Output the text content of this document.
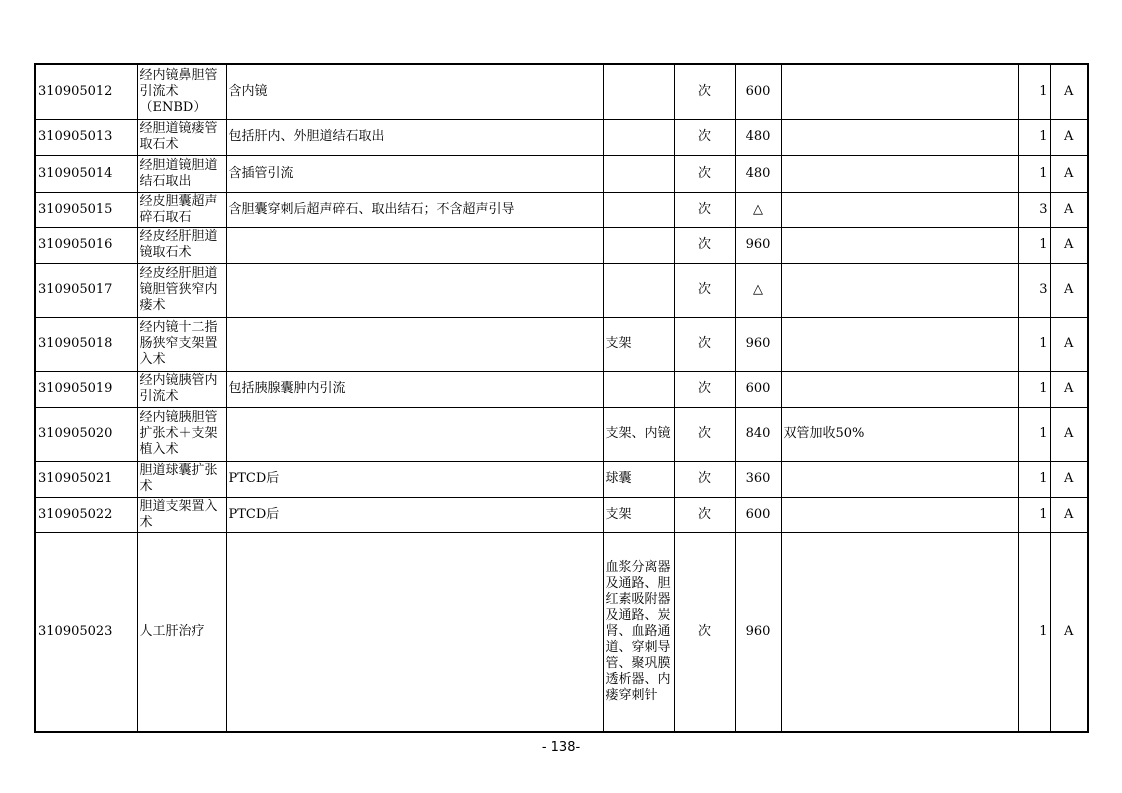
310905012	经内镜鼻胆管引流术（ENBD）	含内镜		次	600		1	A
310905013	经胆道镜瘘管取石术	包括肝内、外胆道结石取出		次	480		1	A
310905014	经胆道镜胆道结石取出	含插管引流		次	480		1	A
310905015	经皮胆囊超声碎石取石	含胆囊穿刺后超声碎石、取出结石；不含超声引导		次	△		3	A
310905016	经皮经肝胆道镜取石术			次	960		1	A
310905017	经皮经肝胆道镜胆管狭窄内瘘术			次	△		3	A
310905018	经内镜十二指肠狭窄支架置入术		支架	次	960		1	A
310905019	经内镜胰管内引流术	包括胰腺囊肿内引流		次	600		1	A
310905020	经内镜胰胆管扩张术＋支架植入术		支架、内镜	次	840	双管加收50%	1	A
310905021	胆道球囊扩张术	PTCD后	球囊	次	360		1	A
310905022	胆道支架置入术	PTCD后	支架	次	600		1	A
310905023	人工肝治疗		血浆分离器及通路、胆红素吸附器及通路、炭肾、血路通道、穿刺导管、聚巩膜透析器、内瘘穿刺针	次	960		1	A
- 138-
